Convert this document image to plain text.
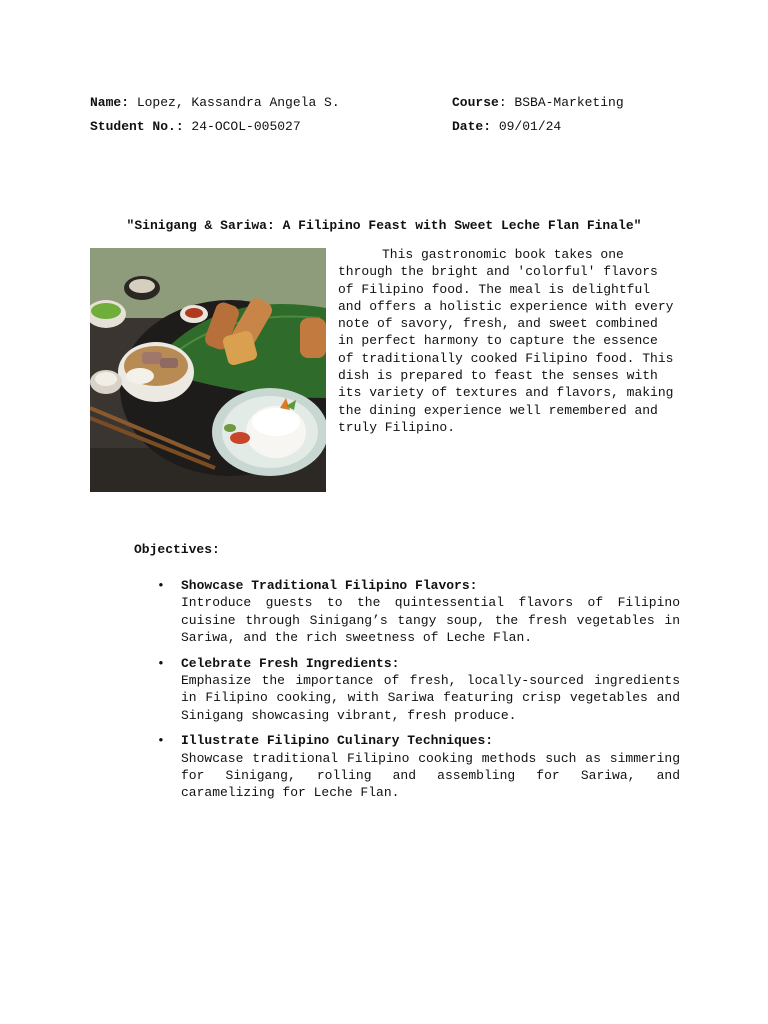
Name: Lopez, Kassandra Angela S.	Course: BSBA-Marketing
Student No.: 24-OCOL-005027	Date: 09/01/24
"Sinigang & Sariwa: A Filipino Feast with Sweet Leche Flan Finale"

This gastronomic book takes one through the bright and 'colorful' flavors of Filipino food. The meal is delightful and offers a holistic experience with every note of savory, fresh, and sweet combined in perfect harmony to capture the essence of traditionally cooked Filipino food. This dish is prepared to feast the senses with its variety of textures and flavors, making the dining experience well remembered and truly Filipino.

Objectives:
• Showcase Traditional Filipino Flavors:
Introduce guests to the quintessential flavors of Filipino cuisine through Sinigang’s tangy soup, the fresh vegetables in Sariwa, and the rich sweetness of Leche Flan.
• Celebrate Fresh Ingredients:
Emphasize the importance of fresh, locally-sourced ingredients in Filipino cooking, with Sariwa featuring crisp vegetables and Sinigang showcasing vibrant, fresh produce.
• Illustrate Filipino Culinary Techniques:
Showcase traditional Filipino cooking methods such as simmering for Sinigang, rolling and assembling for Sariwa, and caramelizing for Leche Flan.
